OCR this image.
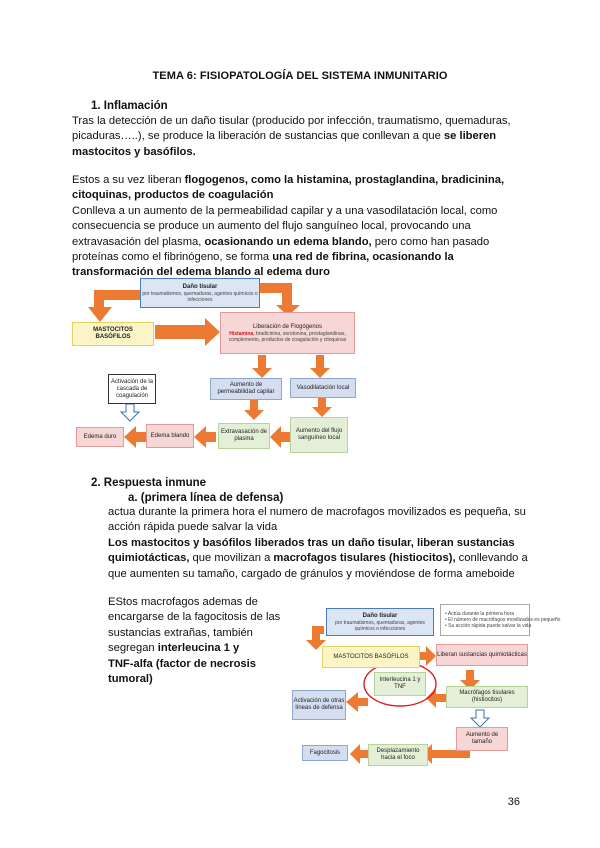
TEMA 6: FISIOPATOLOGÍA DEL SISTEMA INMUNITARIO
1. Inflamación
Tras la detección de un daño tisular (producido por infección, traumatismo, quemaduras,
picaduras…..), se produce la liberación de sustancias que conllevan a que se liberen
mastocitos y basófilos.
Estos a su vez liberan flogogenos, como la histamina, prostaglandina, bradicinina,
citoquinas, productos de coagulación
Conlleva a un aumento de la permeabilidad capilar y a una vasodilatación local, como
consecuencia se produce un aumento del flujo sanguíneo local, provocando una
extravasación del plasma, ocasionando un edema blando, pero como han pasado
proteínas como el fibrinógeno, se forma una red de fibrina, ocasionando la
transformación del edema blando al edema duro
Daño tisular
por traumatismos, quemaduras, agentes químicos o infecciones
MASTOCITOS BASÓFILOS
Liberación de Flogógenos
Histamina, bradicinina, serotonina, prostaglandinas, complemento, productos de coagulación y citoquinas
Activación de la cascada de coagulación
Aumento de permeabilidad capilar
Vasodilatación local
Aumento del flujo sanguíneo local
Extravasación de plasma
Edema blando
Edema duro
2. Respuesta inmune
a. (primera línea de defensa)
actua durante la primera hora el numero de macrofagos movilizados es pequeña, su
acción rápida puede salvar la vida
Los mastocitos y basófilos liberados tras un daño tisular, liberan sustancias
quimiotácticas, que movilizan a macrofagos tisulares (histiocitos), conllevando a
que aumenten su tamaño, cargado de gránulos y moviéndose de forma ameboide
EStos macrofagos ademas de
encargarse de la fagocitosis de las
sustancias extrañas, también
segregan interleucina 1 y
TNF-alfa (factor de necrosis
tumoral)
Daño tisular
por traumatismos, quemaduras, agentes químicos o infecciones
• Actúa durante la primera hora
• El número de macrófagos movilizados es pequeño
• Su acción rápida puede salvar la vida
MASTOCITOS BASÓFILOS	Liberan sustancias quimiotácticas
Macrófagos tisulares (histiocitos)
Interleucina 1 y TNF
Activación de otras líneas de defensa
Aumento de tamaño
Desplazamiento hacia el foco
Fagocitosis
36
